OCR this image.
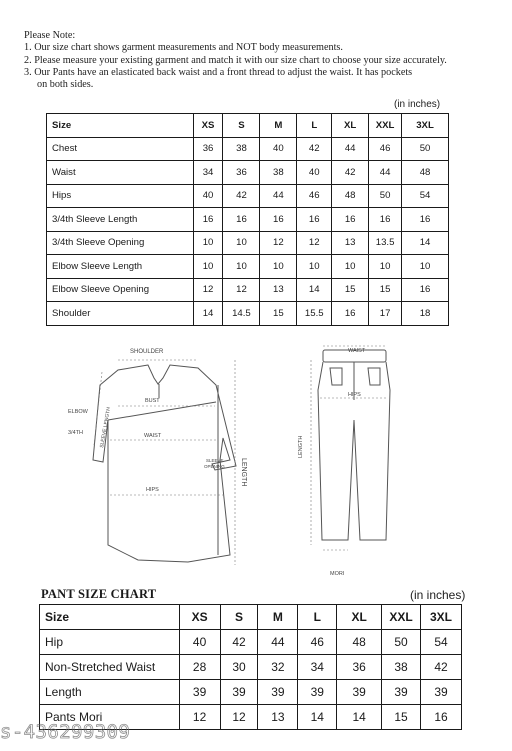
Please Note:
1. Our size chart shows garment measurements and NOT body measurements.
2. Please measure your existing garment and match it with our size chart to choose your size accurately.
3. Our Pants have an elasticated back waist and a front thread to adjust the waist. It has pockets
on both sides.
(in inches)
Size	XS	S	M	L	XL	XXL	3XL
Chest	36	38	40	42	44	46	50
Waist	34	36	38	40	42	44	48
Hips	40	42	44	46	48	50	54
3/4th Sleeve Length	16	16	16	16	16	16	16
3/4th Sleeve Opening	10	10	12	12	13	13.5	14
Elbow Sleeve Length	10	10	10	10	10	10	10
Elbow Sleeve Opening	12	12	13	14	15	15	16
Shoulder	14	14.5	15	15.5	16	17	18
SHOULDER
BUST
WAIST
HIPS
ELBOW
3/4TH	SLEEVE LENGTH
SLEEVE
OPENING LENGTH
WAIST
HIPS
LENGTH
MORI
PANT SIZE CHART	(in inches)
Size	XS	S	M	L	XL	XXL	3XL
Hip	40	42	44	46	48	50	54
Non-Stretched Waist	28	30	32	34	36	38	42
Length	39	39	39	39	39	39	39
Pants Mori	12	12	13	14	14	15	16
s-436299309
